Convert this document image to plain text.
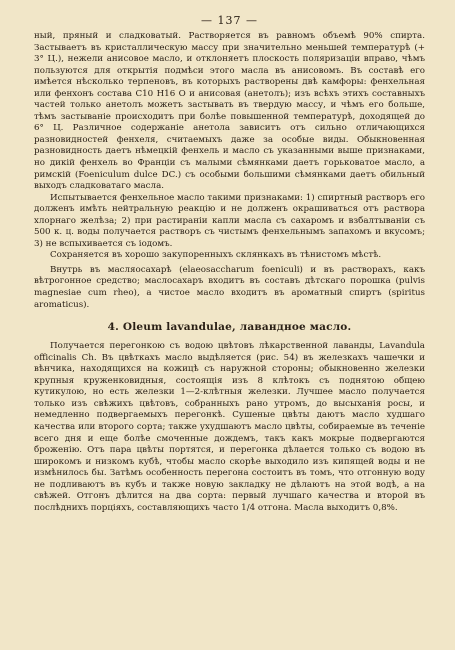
— 137 —

ный, пряный и сладковатый. Растворяется въ равномъ объемѣ 90% спирта. Застываетъ въ кристаллическую массу при значительно меньшей температурѣ (+ 3° Ц.), нежели анисовое масло, и отклоняетъ плоскость поляризаціи вправо, чѣмъ пользуются для открытія подмѣси этого масла въ анисовомъ. Въ составѣ его имѣется нѣсколько терпеновъ, въ которыхъ растворены двѣ камфоры: фенхельная или фенхонъ состава C10 H16 O и анисовая (анетолъ); изъ всѣхъ этихъ составныхъ частей только анетолъ можетъ застывать въ твердую массу, и чѣмъ его больше, тѣмъ застываніе происходитъ при болѣе повышенной температурѣ, доходящей до 6° Ц. Различное содержаніе анетола зависитъ отъ сильно отличающихся разновидностей фенхеля, считаемыхъ даже за особые виды. Обыкновенная разновидность даетъ нѣмецкій фенхель и масло съ указанными выше признаками, но дикій фенхель во Франціи съ малыми сѣмянками даетъ горьковатое масло, а римскій (Foeniculum dulce DC.) съ особыми большими сѣмянками даетъ обильный выходъ сладковатаго масла.

Испытывается фенхельное масло такими признаками: 1) спиртный растворъ его долженъ имѣть нейтральную реакцію и не долженъ окрашиваться отъ раствора хлорнаго желѣза; 2) при растираніи капли масла съ сахаромъ и взбалтываніи съ 500 к. ц. воды получается растворъ съ чистымъ фенхельнымъ запахомъ и вкусомъ; 3) не вспыхивается съ іодомъ.

Сохраняется въ хорошо закупоренныхъ склянкахъ въ тѣнистомъ мѣстѣ.

Внутрь въ масляосахарѣ (elaeosaccharum foeniculi) и въ растворахъ, какъ вѣтрогонное средство; маслосахаръ входитъ въ составъ дѣтскаго порошка (pulvis magnesiae cum rheo), а чистое масло входитъ въ ароматный спиртъ (spiritus aromaticus).

4. Oleum lavandulae, лавандное масло.

Получается перегонкою съ водою цвѣтовъ лѣкарственной лаванды, Lavandula officinalis Ch. Въ цвѣткахъ масло выдѣляется (рис. 54) въ железкахъ чашечки и вѣнчика, находящихся на кожицѣ съ наружной стороны; обыкновенно железки крупныя круженковидныя, состоящія изъ 8 клѣтокъ съ поднятою общею кутикулою, но есть железки 1—2-клѣтныя железки. Лучшее масло получается только изъ свѣжихъ цвѣтовъ, собранныхъ рано утромъ, до высыханія росы, и немедленно подвергаемыхъ перегонкѣ. Сушеные цвѣты даютъ масло худшаго качества или второго сорта; также ухудшаютъ масло цвѣты, собираемые въ теченіе всего дня и еще болѣе смоченные дождемъ, такъ какъ мокрые подвергаются броженію. Отъ пара цвѣты портятся, и перегонка дѣлается только съ водою въ широкомъ и низкомъ кубѣ, чтобы масло скорѣе выходило изъ кипящей воды и не измѣнилось бы. Затѣмъ особенность перегона состоитъ въ томъ, что отгонную воду не подливаютъ въ кубъ и также новую закладку не дѣлаютъ на этой водѣ, а на свѣжей. Отгонъ дѣлится на два сорта: первый лучшаго качества и второй въ послѣднихъ порціяхъ, составляющихъ часто 1/4 отгона. Масла выходитъ 0,8%.
